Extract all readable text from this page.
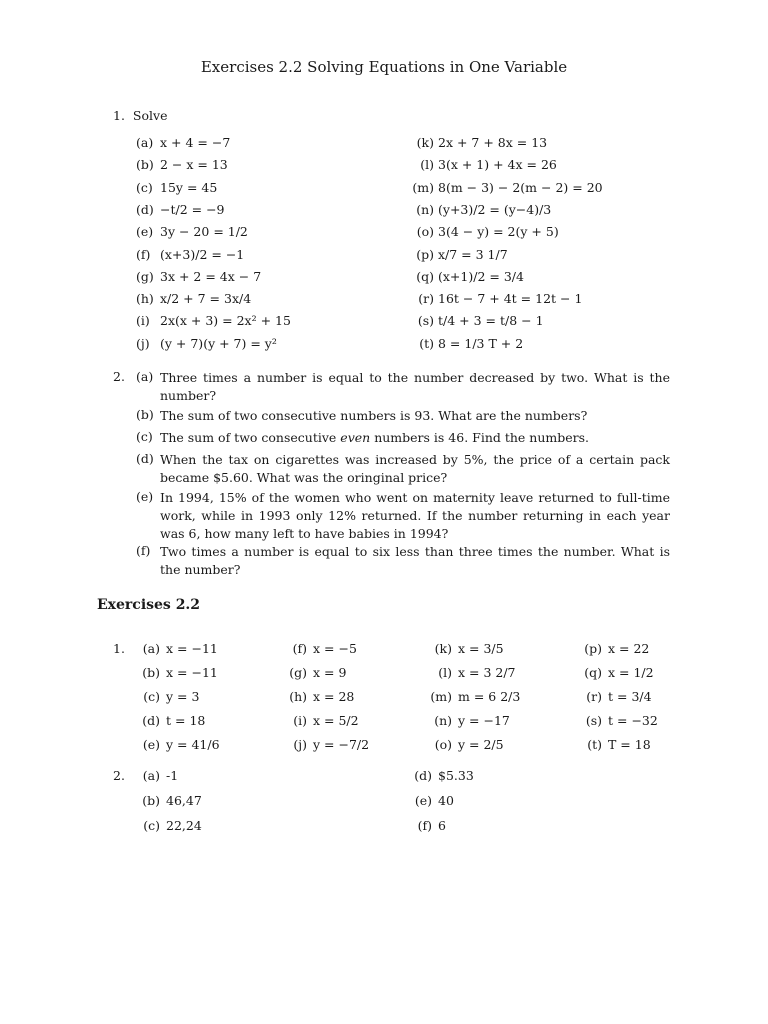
Exercises 2.2 Solving Equations in One Variable
1. Solve
(a) x + 4 = −7
(b) 2 − x = 13
(c) 15y = 45
(d) −t/2 = −9
(e) 3y − 20 = 1/2
(f) (x+3)/2 = −1
(g) 3x + 2 = 4x − 7
(h) x/2 + 7 = 3x/4
(i) 2x(x + 3) = 2x² + 15
(j) (y + 7)(y + 7) = y²
(k) 2x + 7 + 8x = 13
(l) 3(x + 1) + 4x = 26
(m) 8(m − 3) − 2(m − 2) = 20
(n) (y+3)/2 = (y−4)/3
(o) 3(4 − y) = 2(y + 5)
(p) x/7 = 3 1/7
(q) (x+1)/2 = 3/4
(r) 16t − 7 + 4t = 12t − 1
(s) t/4 + 3 = t/8 − 1
(t) 8 = 1/3 T + 2
2. (a) Three times a number is equal to the number decreased by two. What is the number?
(b) The sum of two consecutive numbers is 93. What are the numbers?
(c) The sum of two consecutive even numbers is 46. Find the numbers.
(d) When the tax on cigarettes was increased by 5%, the price of a certain pack became $5.60. What was the oringinal price?
(e) In 1994, 15% of the women who went on maternity leave returned to full-time work, while in 1993 only 12% returned. If the number returning in each year was 6, how many left to have babies in 1994?
(f) Two times a number is equal to six less than three times the number. What is the number?
Exercises 2.2
1.	(a) x = −11
(b) x = −11
(c) y = 3
(d) t = 18
(e) y = 41/6
(f) x = −5
(g) x = 9
(h) x = 28
(i) x = 5/2
(j) y = −7/2
(k) x = 3/5
(l) x = 3 2/7
(m) m = 6 2/3
(n) y = −17
(o) y = 2/5
(p) x = 22
(q) x = 1/2
(r) t = 3/4
(s) t = −32
(t) T = 18
2.	(a) -1
(b) 46,47
(c) 22,24
(d) $5.33
(e) 40
(f) 6
